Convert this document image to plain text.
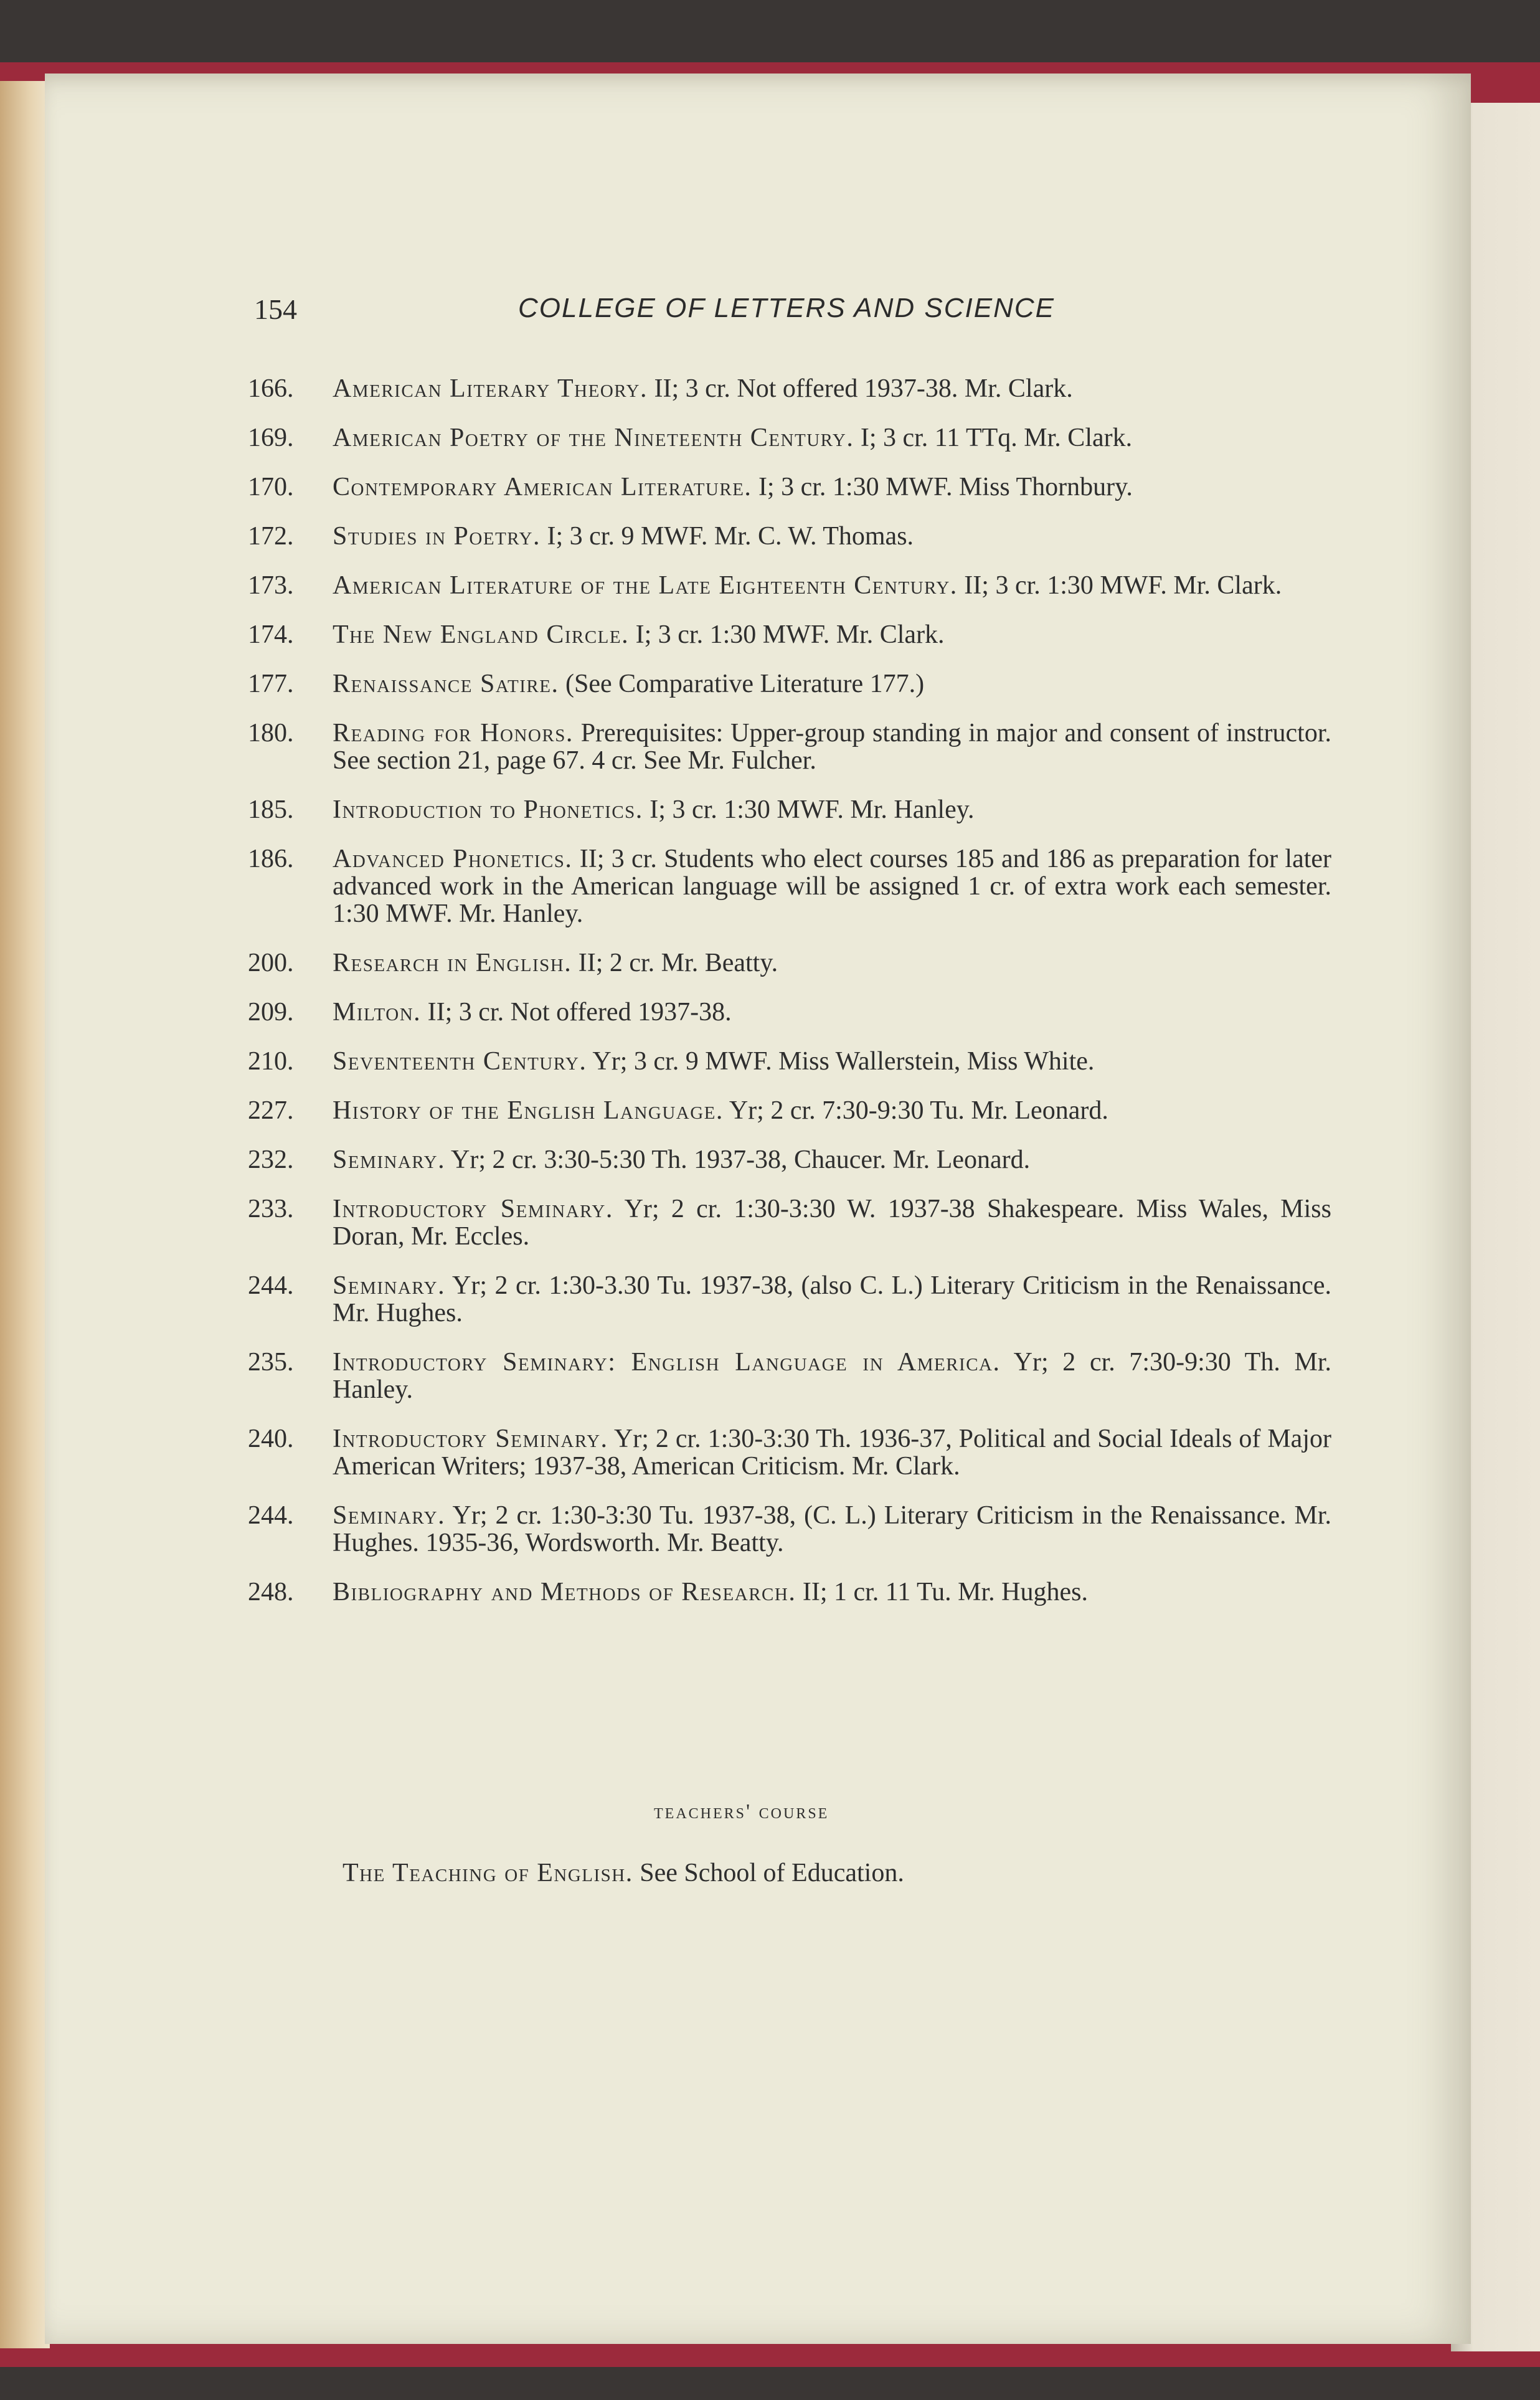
154	COLLEGE OF LETTERS AND SCIENCE
166. American Literary Theory. II; 3 cr. Not offered 1937-38. Mr. Clark.
169. American Poetry of the Nineteenth Century. I; 3 cr. 11 TTq. Mr. Clark.
170. Contemporary American Literature. I; 3 cr. 1:30 MWF. Miss Thornbury.
172. Studies in Poetry. I; 3 cr. 9 MWF. Mr. C. W. Thomas.
173. American Literature of the Late Eighteenth Century. II; 3 cr. 1:30 MWF. Mr. Clark.
174. The New England Circle. I; 3 cr. 1:30 MWF. Mr. Clark.
177. Renaissance Satire. (See Comparative Literature 177.)
180. Reading for Honors. Prerequisites: Upper-group standing in major and consent of instructor. See section 21, page 67. 4 cr. See Mr. Fulcher.
185. Introduction to Phonetics. I; 3 cr. 1:30 MWF. Mr. Hanley.
186. Advanced Phonetics. II; 3 cr. Students who elect courses 185 and 186 as preparation for later advanced work in the American language will be assigned 1 cr. of extra work each semester. 1:30 MWF. Mr. Hanley.
200. Research in English. II; 2 cr. Mr. Beatty.
209. Milton. II; 3 cr. Not offered 1937-38.
210. Seventeenth Century. Yr; 3 cr. 9 MWF. Miss Wallerstein, Miss White.
227. History of the English Language. Yr; 2 cr. 7:30-9:30 Tu. Mr. Leonard.
232. Seminary. Yr; 2 cr. 3:30-5:30 Th. 1937-38, Chaucer. Mr. Leonard.
233. Introductory Seminary. Yr; 2 cr. 1:30-3:30 W. 1937-38 Shakespeare. Miss Wales, Miss Doran, Mr. Eccles.
244. Seminary. Yr; 2 cr. 1:30-3.30 Tu. 1937-38, (also C. L.) Literary Criticism in the Renaissance. Mr. Hughes.
235. Introductory Seminary: English Language in America. Yr; 2 cr. 7:30-9:30 Th. Mr. Hanley.
240. Introductory Seminary. Yr; 2 cr. 1:30-3:30 Th. 1936-37, Political and Social Ideals of Major American Writers; 1937-38, American Criticism. Mr. Clark.
244. Seminary. Yr; 2 cr. 1:30-3:30 Tu. 1937-38, (C. L.) Literary Criticism in the Renaissance. Mr. Hughes. 1935-36, Wordsworth. Mr. Beatty.
248. Bibliography and Methods of Research. II; 1 cr. 11 Tu. Mr. Hughes.
teachers' course
The Teaching of English. See School of Education.
